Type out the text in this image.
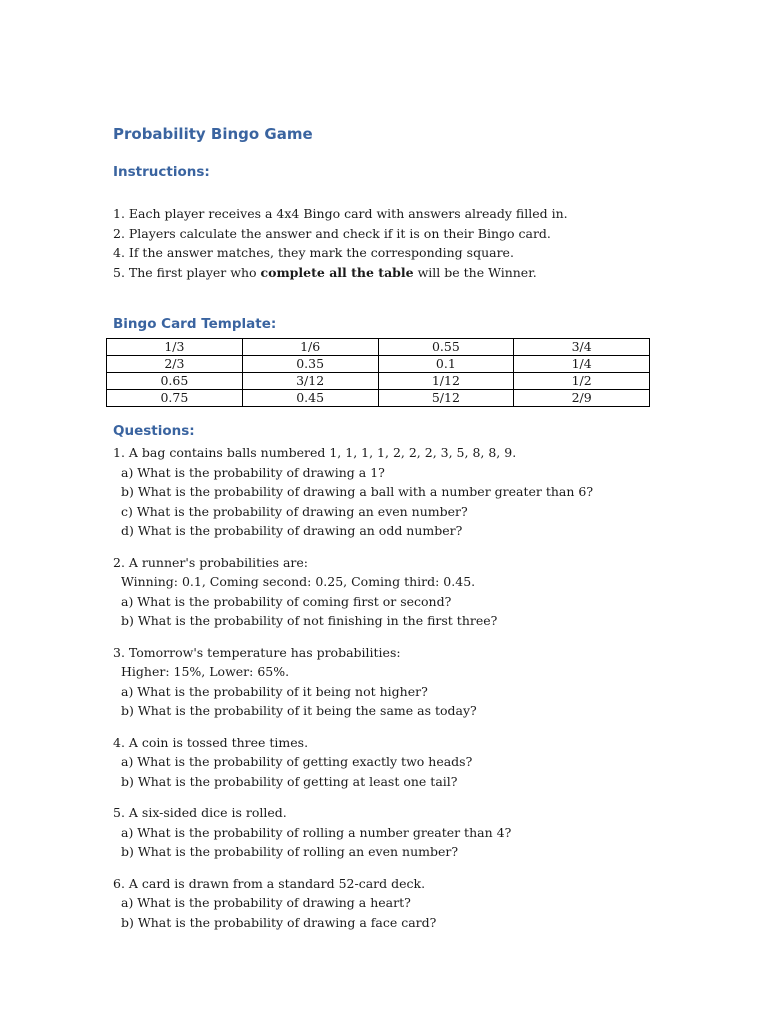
Probability Bingo Game
Instructions:
1. Each player receives a 4x4 Bingo card with answers already filled in.
2. Players calculate the answer and check if it is on their Bingo card.
4. If the answer matches, they mark the corresponding square.
5. The first player who complete all the table will be the Winner.
Bingo Card Template:
1/3	1/6	0.55	3/4
2/3	0.35	0.1	1/4
0.65	3/12	1/12	1/2
0.75	0.45	5/12	2/9
Questions:
1. A bag contains balls numbered 1, 1, 1, 1, 2, 2, 2, 3, 5, 8, 8, 9.
a) What is the probability of drawing a 1?
b) What is the probability of drawing a ball with a number greater than 6?
c) What is the probability of drawing an even number?
d) What is the probability of drawing an odd number?
2. A runner's probabilities are:
Winning: 0.1, Coming second: 0.25, Coming third: 0.45.
a) What is the probability of coming first or second?
b) What is the probability of not finishing in the first three?
3. Tomorrow's temperature has probabilities:
Higher: 15%, Lower: 65%.
a) What is the probability of it being not higher?
b) What is the probability of it being the same as today?
4. A coin is tossed three times.
a) What is the probability of getting exactly two heads?
b) What is the probability of getting at least one tail?
5. A six-sided dice is rolled.
a) What is the probability of rolling a number greater than 4?
b) What is the probability of rolling an even number?
6. A card is drawn from a standard 52-card deck.
a) What is the probability of drawing a heart?
b) What is the probability of drawing a face card?
